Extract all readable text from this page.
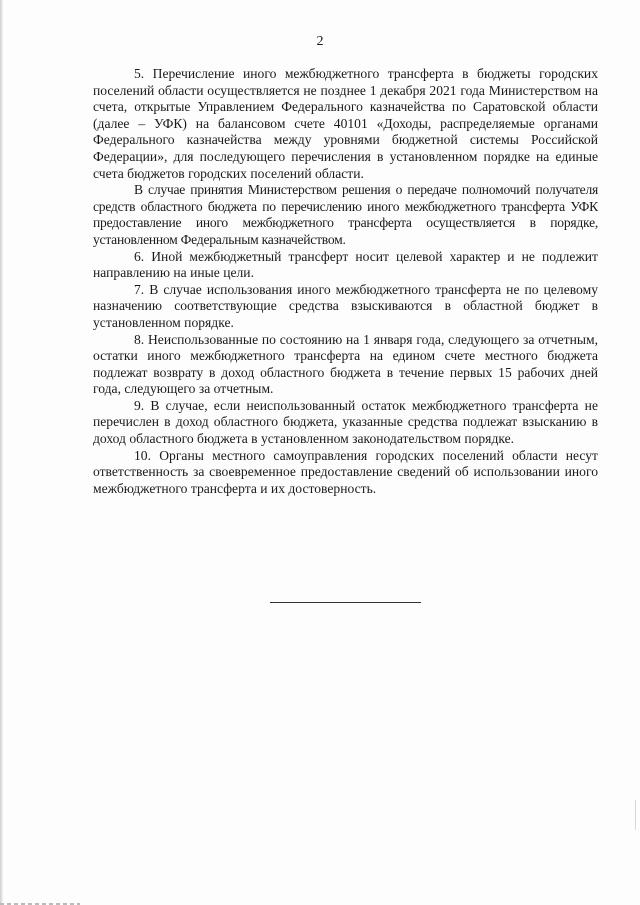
2

5. Перечисление иного межбюджетного трансферта в бюджеты городских поселений области осуществляется не позднее 1 декабря 2021 года Министерством на счета, открытые Управлением Федерального казначейства по Саратовской области (далее – УФК) на балансовом счете 40101 «Доходы, распределяемые органами Федерального казначейства между уровнями бюджетной системы Российской Федерации», для последующего перечисления в установленном порядке на единые счета бюджетов городских поселений области.

В случае принятия Министерством решения о передаче полномочий получателя средств областного бюджета по перечислению иного межбюджетного трансферта УФК предоставление иного межбюджетного трансферта осуществляется в порядке, установленном Федеральным казначейством.

6. Иной межбюджетный трансферт носит целевой характер и не подлежит направлению на иные цели.

7. В случае использования иного межбюджетного трансферта не по целевому назначению соответствующие средства взыскиваются в областной бюджет в установленном порядке.

8. Неиспользованные по состоянию на 1 января года, следующего за отчетным, остатки иного межбюджетного трансферта на едином счете местного бюджета подлежат возврату в доход областного бюджета в течение первых 15 рабочих дней года, следующего за отчетным.

9. В случае, если неиспользованный остаток межбюджетного трансферта не перечислен в доход областного бюджета, указанные средства подлежат взысканию в доход областного бюджета в установленном законодательством порядке.

10. Органы местного самоуправления городских поселений области несут ответственность за своевременное предоставление сведений об использовании иного межбюджетного трансферта и их достоверность.
